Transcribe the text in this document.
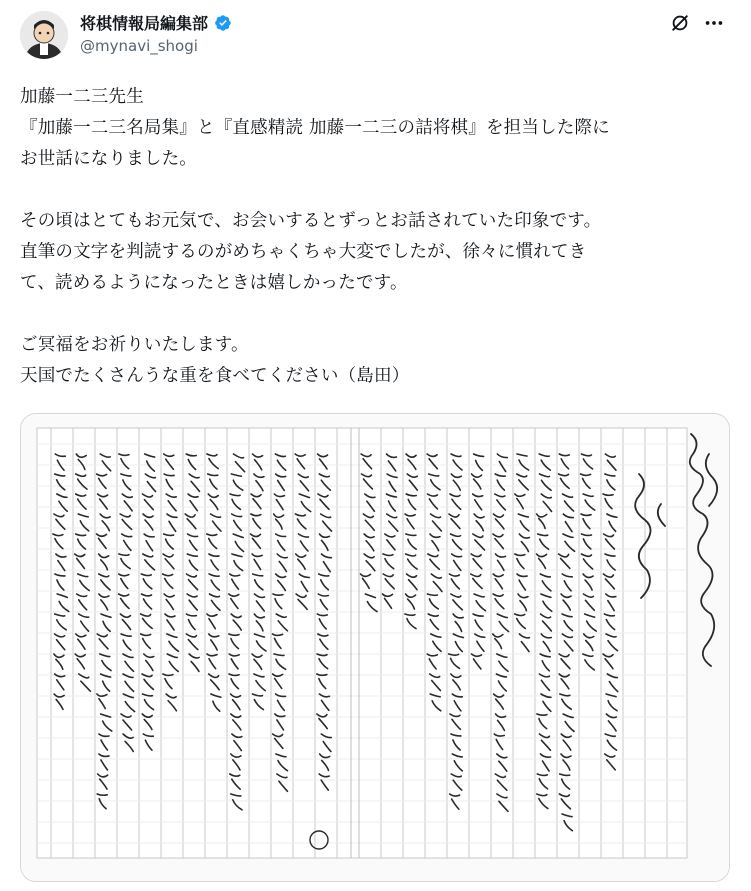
将棋情報局編集部
@mynavi_shogi

加藤一二三先生

『加藤一二三名局集』と『直感精読 加藤一二三の詰将棋』を担当した際に

お世話になりました。

その頃はとてもお元気で、お会いするとずっとお話されていた印象です。

直筆の文字を判読するのがめちゃくちゃ大変でしたが、徐々に慣れてき

て、読めるようになったときは嬉しかったです。

ご冥福をお祈りいたします。

天国でたくさんうな重を食べてください（島田）
